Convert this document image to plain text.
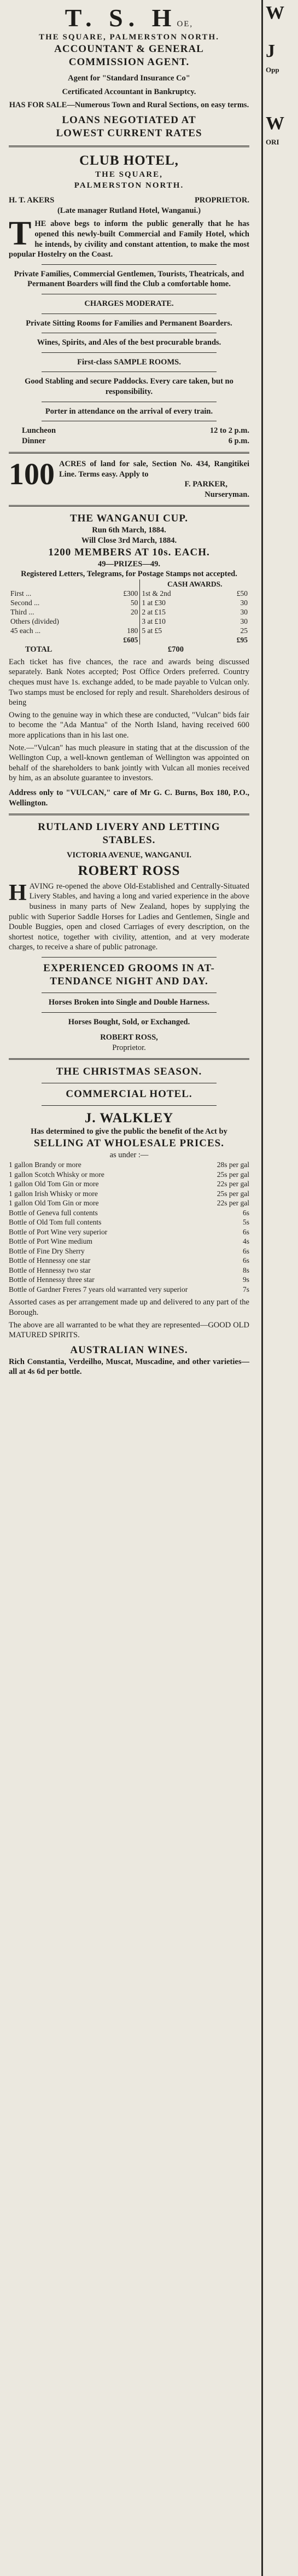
T. S. HOE,

THE SQUARE, PALMERSTON NORTH.

ACCOUNTANT & GENERAL

COMMISSION AGENT.

Agent for "Standard Insurance Co"

Certificated Accountant in Bankruptcy.

HAS FOR SALE—Numerous Town and Rural Sections, on easy terms.

LOANS NEGOTIATED AT

LOWEST CURRENT RATES

CLUB HOTEL,

THE SQUARE,

PALMERSTON NORTH.

H. T. AKERS	PROPRIETOR.

(Late manager Rutland Hotel, Wanganui.)

THE above begs to inform the public generally that he has opened this newly-built Commercial and Family Hotel, which he intends, by civility and constant attention, to make the most popular Hostelry on the Coast.

Private Families, Commercial Gentlemen, Tourists, Theatricals, and Permanent Boarders will find the Club a comfortable home.

CHARGES MODERATE.

Private Sitting Rooms for Families and Permanent Boarders.

Wines, Spirits, and Ales of the best procurable brands.

First-class SAMPLE ROOMS.

Good Stabling and secure Paddocks. Every care taken, but no responsibility.

Porter in attendance on the arrival of every train.

Luncheon	12 to 2 p.m.
Dinner	6 p.m.
100 ACRES of land for sale, Section No. 434, Rangitikei Line. Terms easy. Apply to

F. PARKER,

Nurseryman.

THE WANGANUI CUP.

Run 6th March, 1884.

Will Close 3rd March, 1884.

1200 MEMBERS AT 10s. EACH.

49—PRIZES—49.

Registered Letters, Telegrams, for Postage Stamps not accepted.

		CASH AWARDS.	
First ...	£300	1st & 2nd	£50
Second ...	50	1 at £30	30
Third ...	20	2 at £15	30
Others (divided)		3 at £10	30
45 each ...	180	5 at £5	25
	£605		£95
TOTAL	£700

Each ticket has five chances, the race and awards being discussed separately. Bank Notes accepted; Post Office Orders preferred. Country cheques must have 1s. exchange added, to be made payable to Vulcan only. Two stamps must be enclosed for reply and result. Shareholders desirous of being

Owing to the genuine way in which these are conducted, "Vulcan" bids fair to become the "Ada Mantua" of the North Island, having received 600 more applications than in his last one.

Note.—"Vulcan" has much pleasure in stating that at the discussion of the Wellington Cup, a well-known gentleman of Wellington was appointed on behalf of the shareholders to bank jointly with Vulcan all monies received by him, as an absolute guarantee to investors.

Address only to "VULCAN," care of Mr G. C. Burns, Box 180, P.O., Wellington.

RUTLAND LIVERY AND LETTING

STABLES.

VICTORIA AVENUE, WANGANUI.

ROBERT ROSS

HAVING re-opened the above Old-Established and Centrally-Situated Livery Stables, and having a long and varied experience in the above business in many parts of New Zealand, hopes by supplying the public with Superior Saddle Horses for Ladies and Gentlemen, Single and Double Buggies, open and closed Carriages of every description, on the shortest notice, together with civility, attention, and at very moderate charges, to receive a share of public patronage.

EXPERIENCED GROOMS IN AT-

TENDANCE NIGHT AND DAY.

Horses Broken into Single and Double Harness.

Horses Bought, Sold, or Exchanged.

ROBERT ROSS,

Proprietor.

THE CHRISTMAS SEASON.

COMMERCIAL HOTEL.

J. WALKLEY

Has determined to give the public the benefit of the Act by

SELLING AT WHOLESALE PRICES.

as under :—

1 gallon Brandy or more	28s per gal
1 gallon Scotch Whisky or more	25s per gal
1 gallon Old Tom Gin or more	22s per gal
1 gallon Irish Whisky or more	25s per gal
1 gallon Old Tom Gin or more	22s per gal
Bottle of Geneva full contents	6s
Bottle of Old Tom full contents	5s
Bottle of Port Wine very superior	6s
Bottle of Port Wine medium	4s
Bottle of Fine Dry Sherry	6s
Bottle of Hennessy one star	6s
Bottle of Hennessy two star	8s
Bottle of Hennessy three star	9s
Bottle of Gardner Freres 7 years old warranted very superior	7s

Assorted cases as per arrangement made up and delivered to any part of the Borough.

The above are all warranted to be what they are represented—GOOD OLD MATURED SPIRITS.

AUSTRALIAN WINES.

Rich Constantia, Verdeilho, Muscat, Muscadine, and other varieties—all at 4s 6d per bottle.

W

J

Opp

W

ORI
